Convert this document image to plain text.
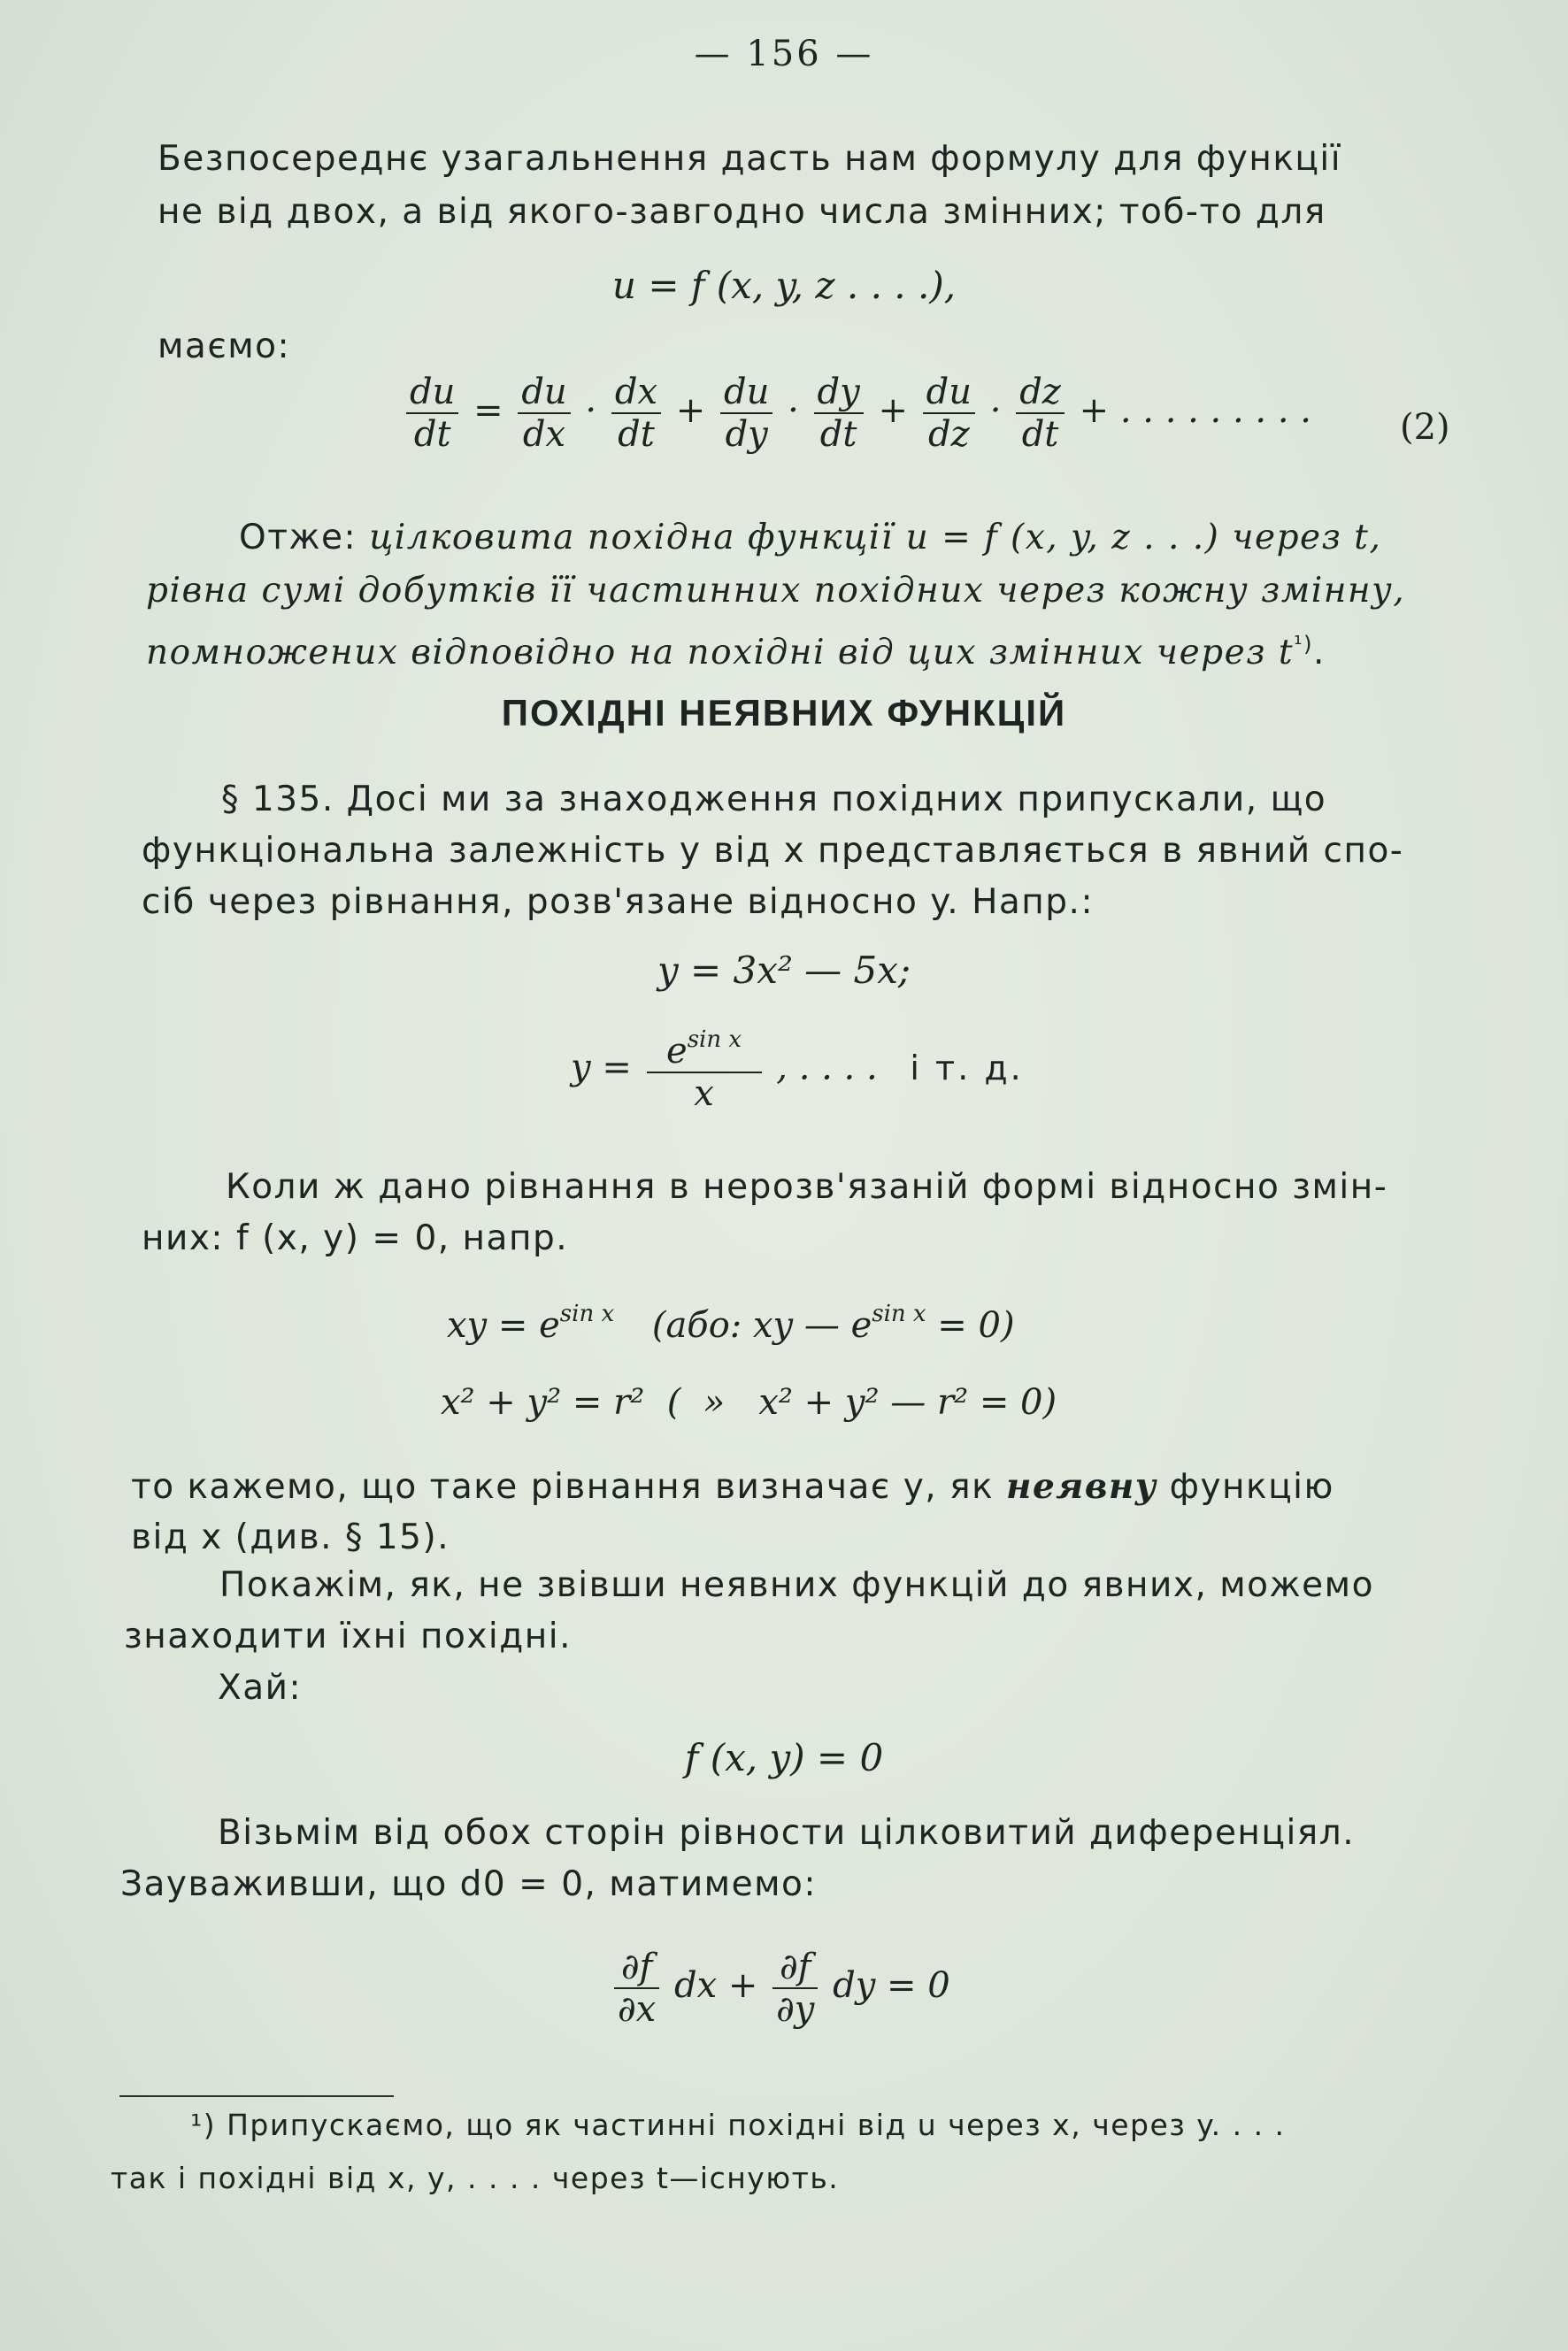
— 156 —
Безпосереднє узагальнення дасть нам формулу для функції
не від двох, а від якого-завгодно числа змінних; тоб-то для
u = f (x, y, z . . . .),
маємо:
$\frac{du}{dt} = \frac{du}{dx} \cdot \frac{dx}{dt} + \frac{du}{dy} \cdot \frac{dy}{dt} + \frac{du}{dz} \cdot \frac{dz}{dt}$ + . . . . . . . . .	(2)
Отже: цілковита похідна функції u = f (x, y, z . . .) через t,
рівна сумі добутків її частинних похідних через кожну змінну,
помножених відповідно на похідні від цих змінних через t$^{^1)}$.
ПОХІДНІ НЕЯВНИХ ФУНКЦІЙ
§ 135. Досі ми за знаходження похідних припускали, що
функціональна залежність y від x представляється в явний спо-
сіб через рівнання, розв'язане відносно y. Напр.:
y = 3x² — 5x;
$y = \frac{e^{sin x}}{x}$ , . . . . і т. д.
Коли ж дано рівнання в нерозв'язаній формі відносно змін-
них: f (x, y) = 0, напр.
xy = $e^{sin x}$ (або: xy — $e^{sin x} = 0$)
x² + y² = r²  (  »   x² + y² — r² = 0)
то кажемо, що таке рівнання визначає y, як неявну функцію
від x (див. § 15).
Покажім, як, не звівши неявних функцій до явних, можемо
знаходити їхні похідні.
Хай:
f (x, y) = 0
Візьмім від обох сторін рівности цілковитий диференціял.
Зауваживши, що d0 = 0, матимемо:
$\frac{\partial f}{\partial x}$ dx + $\frac{\partial f}{\partial y}$ dy = 0
¹) Припускаємо, що як частинні похідні від u через x, через y. . . .
так і похідні від x, y, . . . . через t—існують.
